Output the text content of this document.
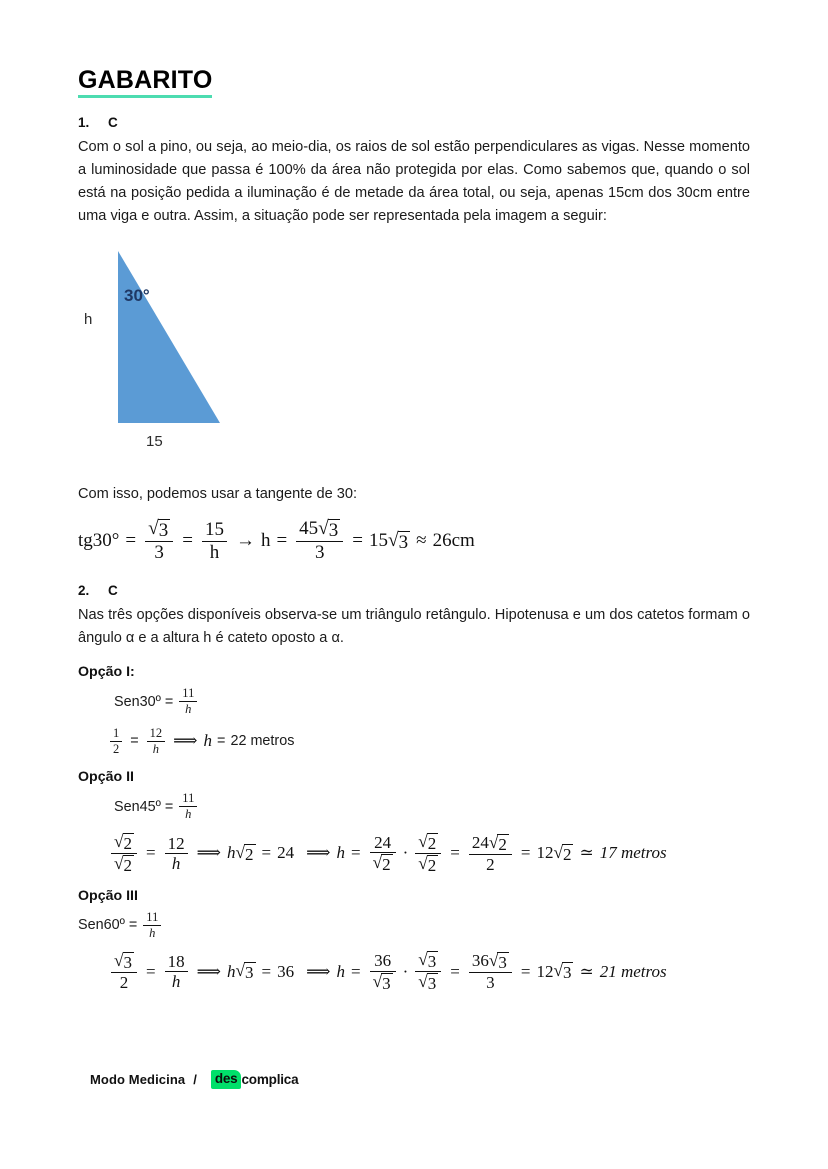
GABARITO
1.	C

Com o sol a pino, ou seja, ao meio-dia, os raios de sol estão perpendiculares as vigas. Nesse momento a luminosidade que passa é 100% da área não protegida por elas. Como sabemos que, quando o sol está na posição pedida a iluminação é de metade da área total, ou seja, apenas 15cm dos 30cm entre uma viga e outra. Assim, a situação pode ser representada pela imagem a seguir:

30°
h
15
Com isso, podemos usar a tangente de 30:
$tg30^\circ = \frac{√ 3}{3} = \frac{15}{h} \to h = \frac{45 √ 3}{3} = 15$ √ 3 ≈ 26cm
2.	C

Nas três opções disponíveis observa-se um triângulo retângulo. Hipotenusa e um dos catetos formam o ângulo α e a altura h é cateto oposto a α.

Opção I:
Sen30º = $\frac{11}{h}$
$\frac{1}{2} = \frac{12}{h}$ ⟹ h = 22 metros
Opção II
Sen45º = $\frac{11}{h}$
$\frac{√ 2}{√ 2} = \frac{12}{h}$ ⟹ h √ 2 = 24 ⟹ $h = \frac{24}{√ 2} \cdot \frac{√ 2}{√ 2} = \frac{24 √ 2}{2} = 12$ √ 2 ≃ 17 metros
Opção III
Sen60º = $\frac{11}{h}$
$\frac{√ 3}{2} = \frac{18}{h}$ ⟹ h √ 3 = 36 ⟹ $h = \frac{36}{√ 3} \cdot \frac{√ 3}{√ 3} = \frac{36 √ 3}{3} = 12$ √ 3 ≃ 21 metros
Modo Medicina / des complica
